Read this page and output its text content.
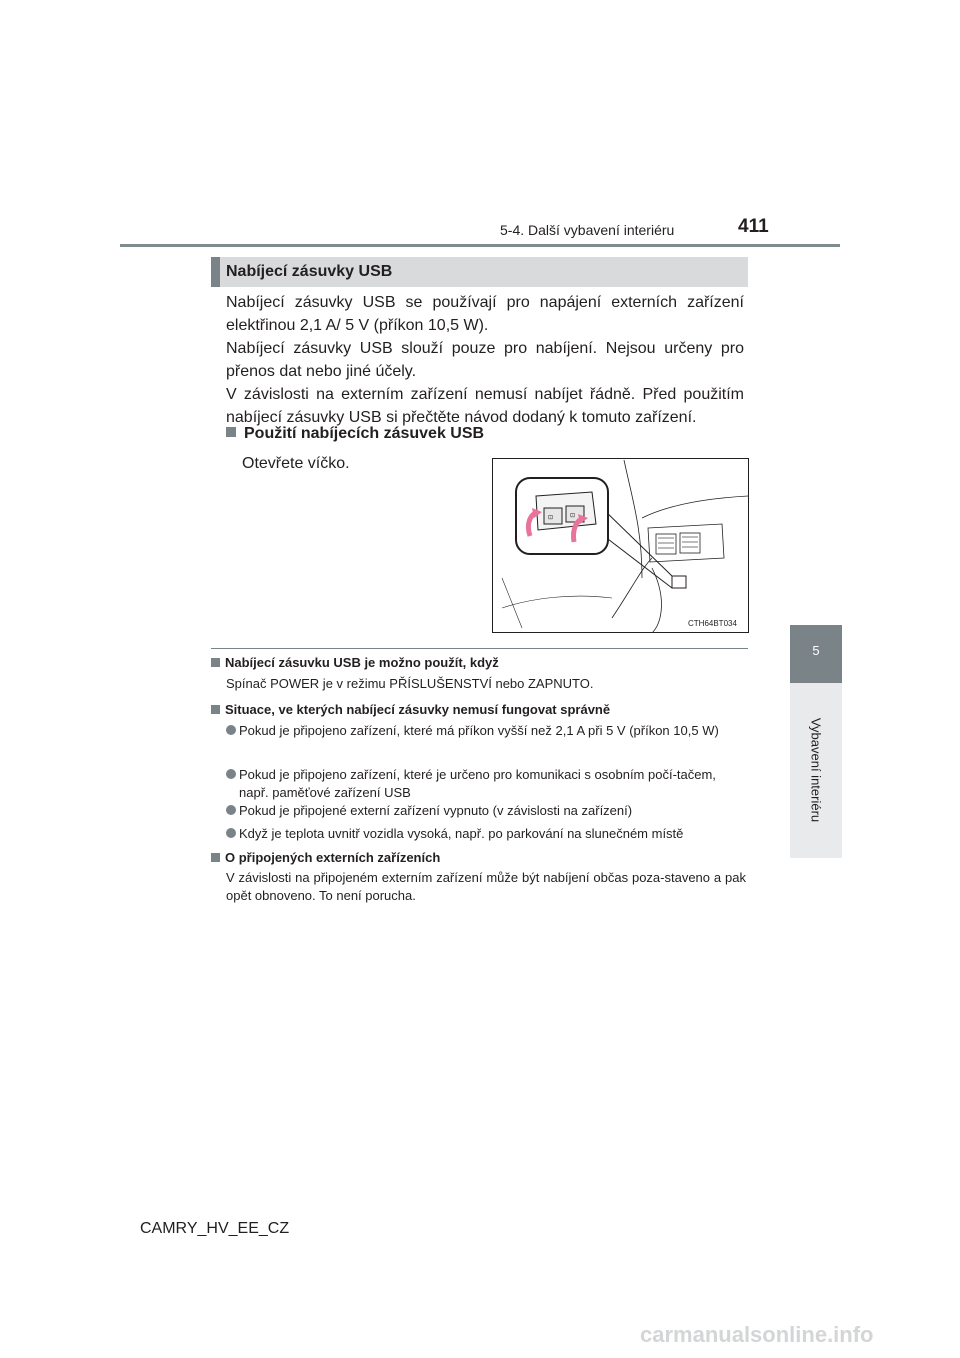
5-4. Další vybavení interiéru	411
5
Vybavení interiéru
Nabíjecí zásuvky USB
Nabíjecí zásuvky USB se používají pro napájení externích zařízení elektřinou 2,1 A/ 5 V (příkon 10,5 W).
Nabíjecí zásuvky USB slouží pouze pro nabíjení. Nejsou určeny pro přenos dat nebo jiné účely.
V závislosti na externím zařízení nemusí nabíjet řádně. Před použitím nabíjecí zásuvky USB si přečtěte návod dodaný k tomuto zařízení.
Použití nabíjecích zásuvek USB
Otevřete víčko.
⊡	⊡
CTH64BT034
Nabíjecí zásuvku USB je možno použít, když
Spínač POWER je v režimu PŘÍSLUŠENSTVÍ nebo ZAPNUTO.
Situace, ve kterých nabíjecí zásuvky nemusí fungovat správně
Pokud je připojeno zařízení, které má příkon vyšší než 2,1 A při 5 V (příkon 10,5 W)
Pokud je připojeno zařízení, které je určeno pro komunikaci s osobním počí-tačem, např. paměťové zařízení USB
Pokud je připojené externí zařízení vypnuto (v závislosti na zařízení)
Když je teplota uvnitř vozidla vysoká, např. po parkování na slunečném místě
O připojených externích zařízeních
V závislosti na připojeném externím zařízení může být nabíjení občas poza-staveno a pak opět obnoveno. To není porucha.
CAMRY_HV_EE_CZ
carmanualsonline.info
